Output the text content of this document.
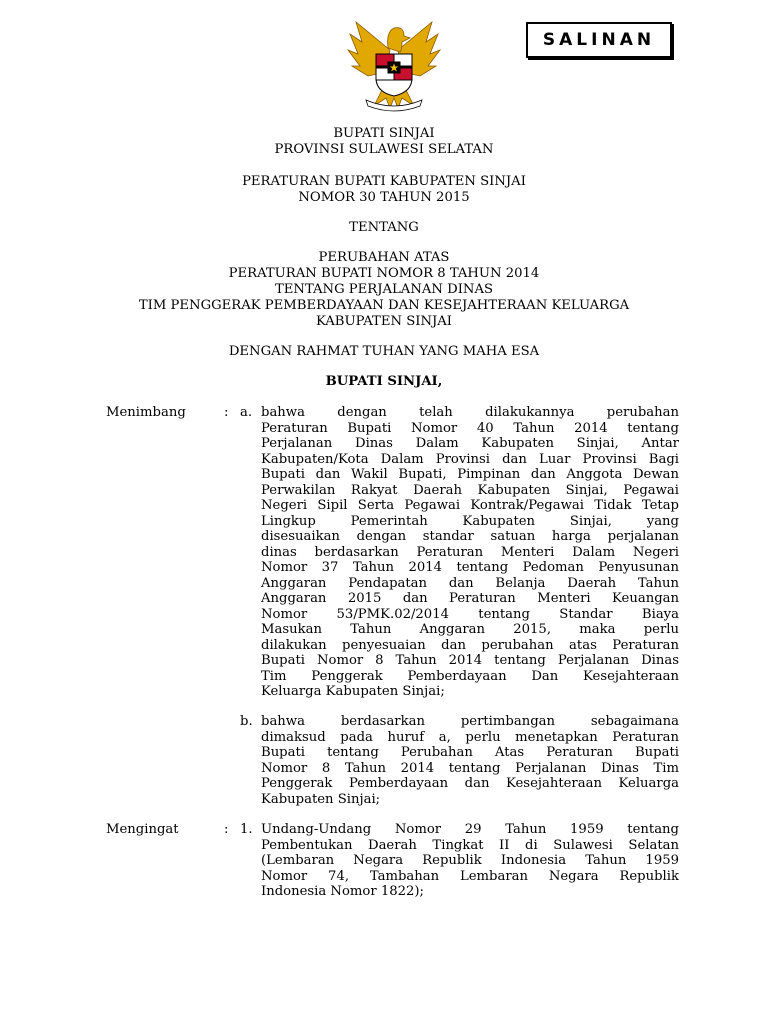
SALINAN
BUPATI SINJAI
PROVINSI SULAWESI SELATAN
PERATURAN BUPATI KABUPATEN SINJAI
NOMOR 30 TAHUN 2015
TENTANG
PERUBAHAN ATAS
PERATURAN BUPATI NOMOR 8 TAHUN 2014
TENTANG PERJALANAN DINAS
TIM PENGGERAK PEMBERDAYAAN DAN KESEJAHTERAAN KELUARGA
KABUPATEN SINJAI
DENGAN RAHMAT TUHAN YANG MAHA ESA
BUPATI SINJAI,
Menimbang	: a. bahwa dengan telah dilakukannya perubahan
Peraturan Bupati Nomor 40 Tahun 2014 tentang
Perjalanan Dinas Dalam Kabupaten Sinjai, Antar
Kabupaten/Kota Dalam Provinsi dan Luar Provinsi Bagi
Bupati dan Wakil Bupati, Pimpinan dan Anggota Dewan
Perwakilan Rakyat Daerah Kabupaten Sinjai, Pegawai
Negeri Sipil Serta Pegawai Kontrak/Pegawai Tidak Tetap
Lingkup Pemerintah Kabupaten Sinjai, yang
disesuaikan dengan standar satuan harga perjalanan
dinas berdasarkan Peraturan Menteri Dalam Negeri
Nomor 37 Tahun 2014 tentang Pedoman Penyusunan
Anggaran Pendapatan dan Belanja Daerah Tahun
Anggaran 2015 dan Peraturan Menteri Keuangan
Nomor 53/PMK.02/2014 tentang Standar Biaya
Masukan Tahun Anggaran 2015, maka perlu
dilakukan penyesuaian dan perubahan atas Peraturan
Bupati Nomor 8 Tahun 2014 tentang Perjalanan Dinas
Tim Penggerak Pemberdayaan Dan Kesejahteraan
Keluarga Kabupaten Sinjai;
b. bahwa berdasarkan pertimbangan sebagaimana
dimaksud pada huruf a, perlu menetapkan Peraturan
Bupati tentang Perubahan Atas Peraturan Bupati
Nomor 8 Tahun 2014 tentang Perjalanan Dinas Tim
Penggerak Pemberdayaan dan Kesejahteraan Keluarga
Kabupaten Sinjai;
Mengingat	: 1. Undang-Undang Nomor 29 Tahun 1959 tentang
Pembentukan Daerah Tingkat II di Sulawesi Selatan
(Lembaran Negara Republik Indonesia Tahun 1959
Nomor 74, Tambahan Lembaran Negara Republik
Indonesia Nomor 1822);
